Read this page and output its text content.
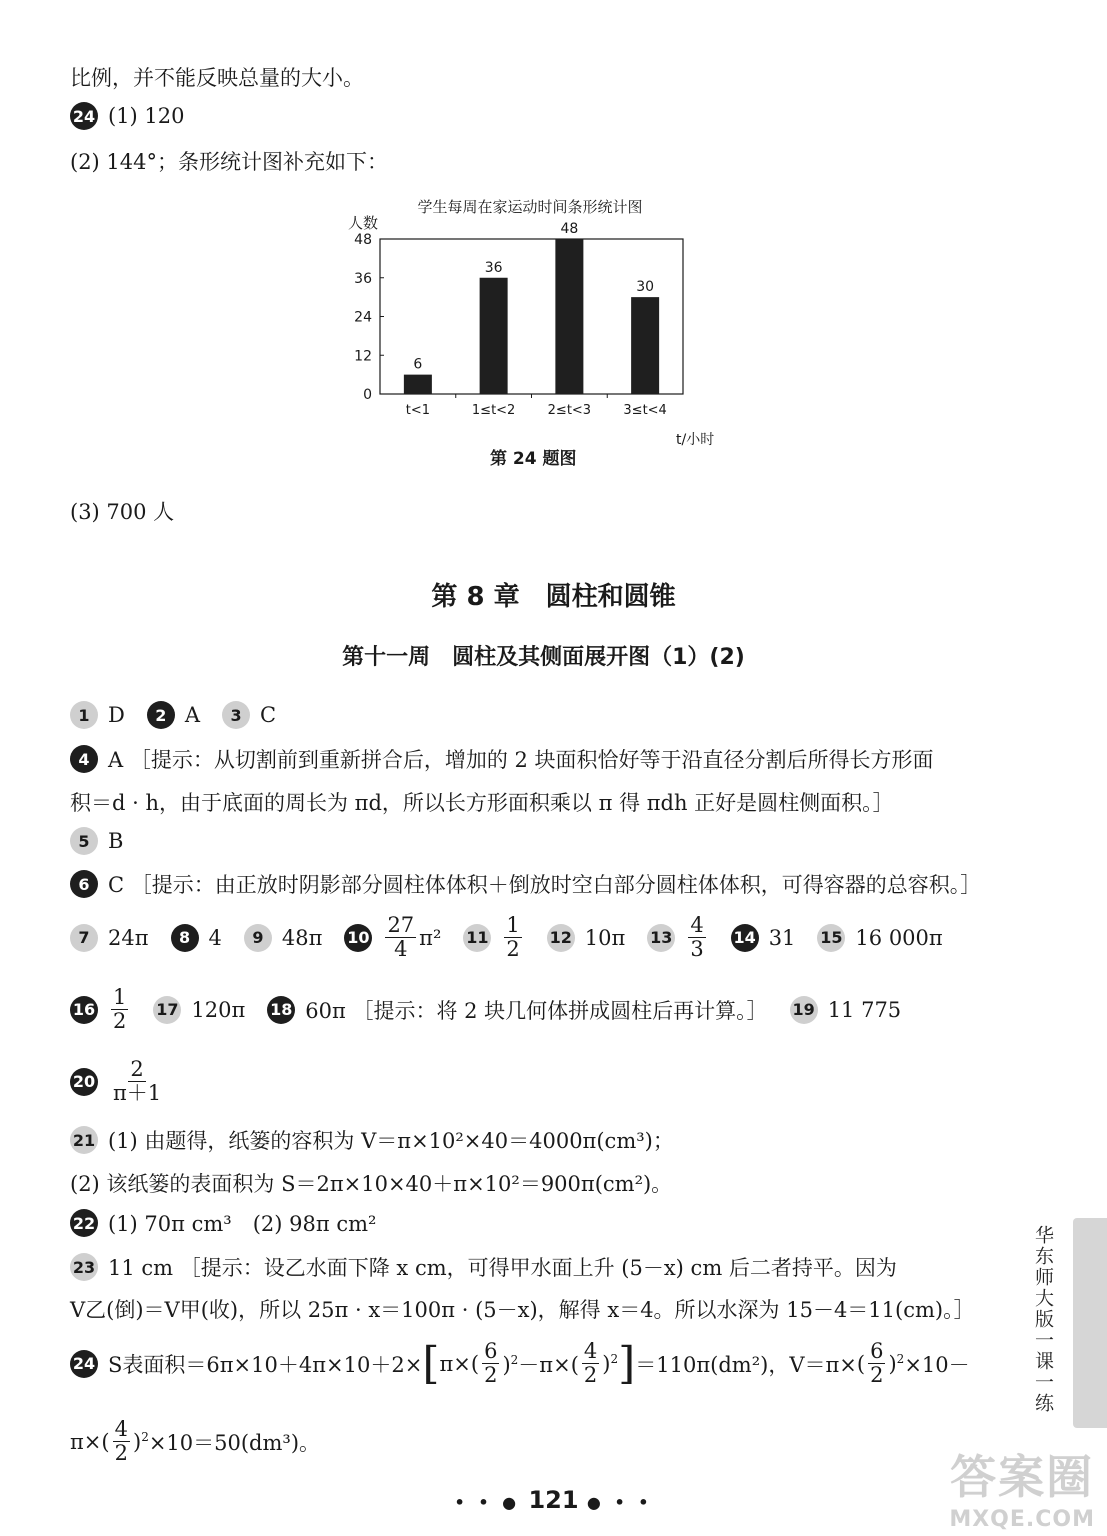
比例，并不能反映总量的大小。
24 (1) 120
(2) 144°；条形统计图补充如下：
学生每周在家运动时间条形统计图
人数
t/小时
0
12
24
36
48
6
t<1
36
1≤t<2
48
2≤t<3
30
3≤t<4
第 24 题图
(3) 700 人
第 8 章　圆柱和圆锥
第十一周　圆柱及其侧面展开图（1）(2)
1 D	2 A	3 C
4 A ［提示：从切割前到重新拼合后，增加的 2 块面积恰好等于沿直径分割后所得长方形面
积＝d · h，由于底面的周长为 πd，所以长方形面积乘以 π 得 πdh 正好是圆柱侧面积。］
5 B
6 C ［提示：由正放时阴影部分圆柱体体积＋倒放时空白部分圆柱体体积，可得容器的总容积。］
7 24π	8 4	9 48π $10 \frac{27}{4} \pi^2$ $11 \frac{1}{2} 12$ 10π $13 \frac{4}{3} 14$ 31 15 16 000π
$16 \frac{1}{2} 17$ 120π 18 60π ［提示：将 2 块几何体拼成圆柱后再计算。］ 19 11 775
$20 \frac{2}{\pi+1}$
21 (1) 由题得，纸篓的容积为 V＝π×10²×40＝4000π(cm³)；
(2) 该纸篓的表面积为 S＝2π×10×40＋π×10²＝900π(cm²)。
22 (1) 70π cm³　(2) 98π cm²
23 11 cm ［提示：设乙水面下降 x cm，可得甲水面上升 (5－x) cm 后二者持平。因为
V乙(倒)＝V甲(收)，所以 25π · x＝100π · (5－x)，解得 x＝4。所以水深为 15－4＝11(cm)。］
24 S表面积＝6π×10＋4π×10＋2× [ $\pi\times( \frac{6}{2} )^2-\pi\times( \frac{4}{2} )^2$ ] ＝110π(dm²)，V＝π× ( $\frac{6}{2} )^2 \times 10-$
π× ( $\frac{4}{2} )^2 \times 10=50(dm^3)$。
华东师大版一课一练
• • ● 121 ● • •	答案圈
MXQE.COM
